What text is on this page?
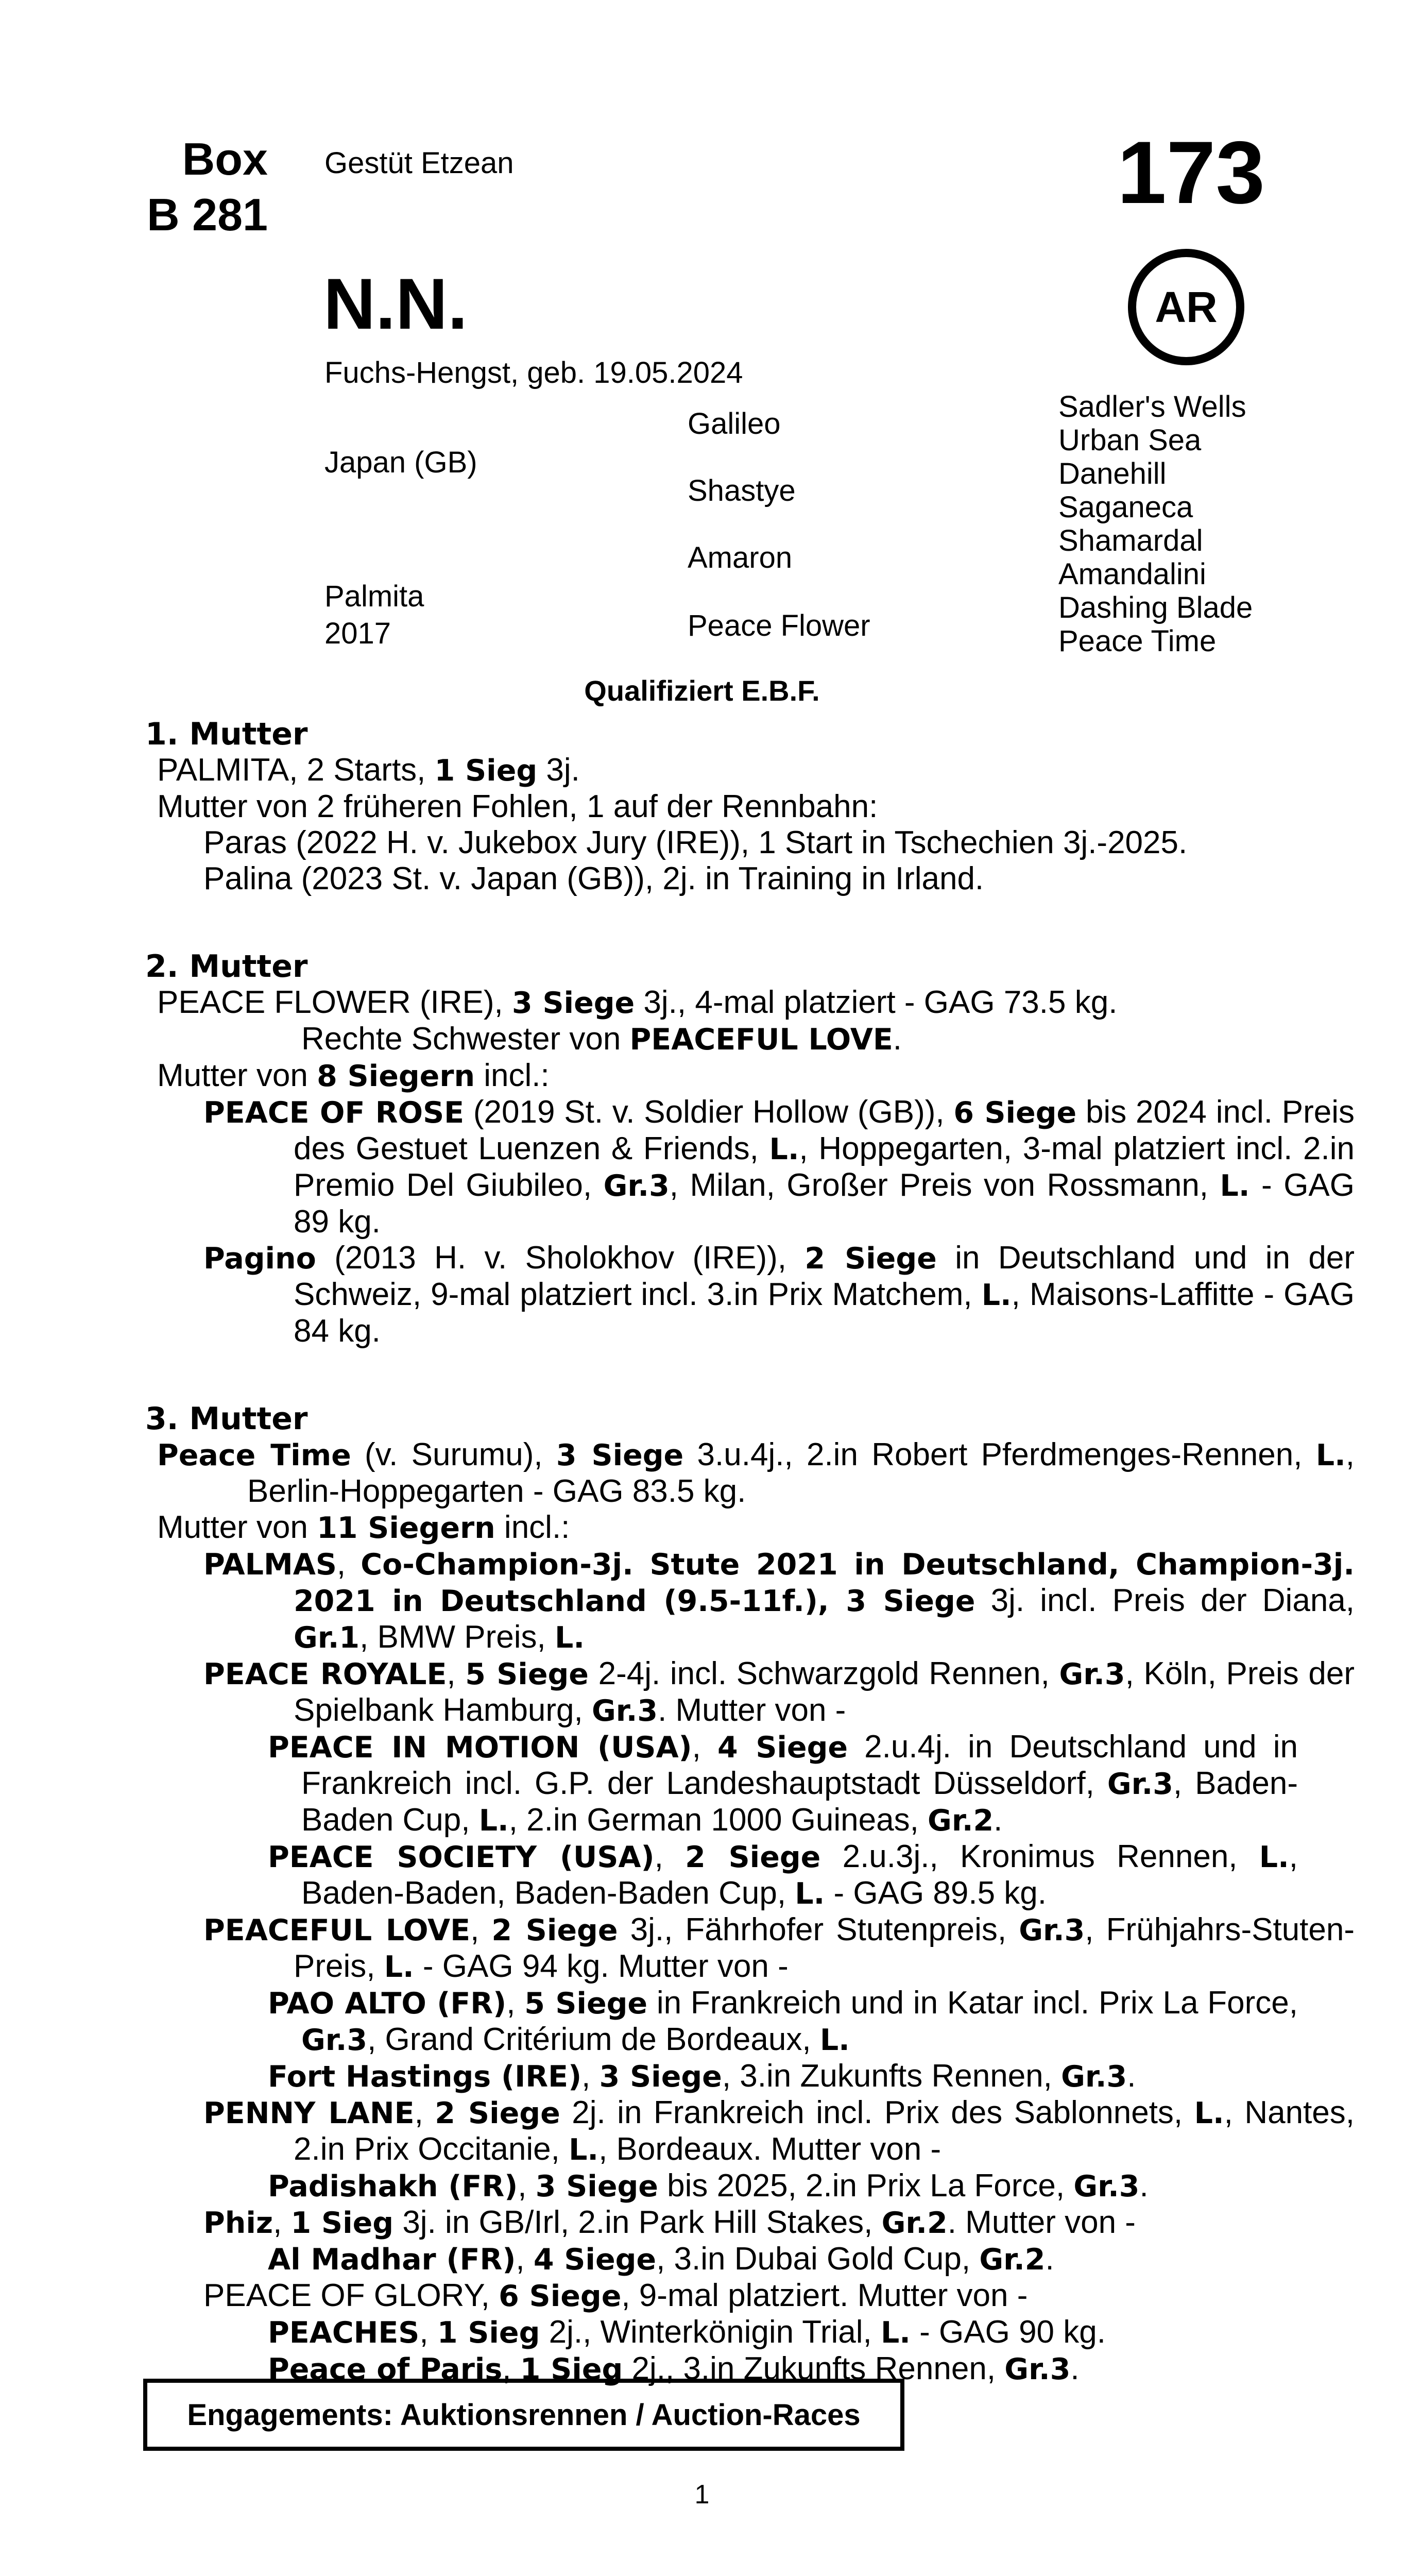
Box
B 281
Gestüt Etzean	173
AR
N.N.
Fuchs-Hengst, geb. 19.05.2024
Japan (GB)
Palmita
2017
Galileo
Shastye
Amaron
Peace Flower
Sadler's Wells
Urban Sea
Danehill
Saganeca
Shamardal
Amandalini
Dashing Blade
Peace Time
Qualifiziert E.B.F.
1. Mutter
PALMITA, 2 Starts, 1 Sieg 3j.
Mutter von 2 früheren Fohlen, 1 auf der Rennbahn:
Paras (2022 H. v. Jukebox Jury (IRE)), 1 Start in Tschechien 3j.-2025.
Palina (2023 St. v. Japan (GB)), 2j. in Training in Irland.
2. Mutter
PEACE FLOWER (IRE), 3 Siege 3j., 4-mal platziert - GAG 73.5 kg.
Rechte Schwester von PEACEFUL LOVE.
Mutter von 8 Siegern incl.:
PEACE OF ROSE (2019 St. v. Soldier Hollow (GB)), 6 Siege bis 2024 incl. Preis des Gestuet Luenzen & Friends, L., Hoppegarten, 3-mal platziert incl. 2.in Premio Del Giubileo, Gr.3, Milan, Großer Preis von Rossmann, L. - GAG 89 kg.
Pagino (2013 H. v. Sholokhov (IRE)), 2 Siege in Deutschland und in der Schweiz, 9-mal platziert incl. 3.in Prix Matchem, L., Maisons-Laffitte - GAG 84 kg.
3. Mutter
Peace Time (v. Surumu), 3 Siege 3.u.4j., 2.in Robert Pferdmenges-Rennen, L., Berlin-Hoppegarten - GAG 83.5 kg.
Mutter von 11 Siegern incl.:
PALMAS, Co-Champion-3j. Stute 2021 in Deutschland, Champion-3j. 2021 in Deutschland (9.5-11f.), 3 Siege 3j. incl. Preis der Diana, Gr.1, BMW Preis, L.
PEACE ROYALE, 5 Siege 2-4j. incl. Schwarzgold Rennen, Gr.3, Köln, Preis der Spielbank Hamburg, Gr.3. Mutter von -
PEACE IN MOTION (USA), 4 Siege 2.u.4j. in Deutschland und in Frankreich incl. G.P. der Landeshauptstadt Düsseldorf, Gr.3, Baden-Baden Cup, L., 2.in German 1000 Guineas, Gr.2.
PEACE SOCIETY (USA), 2 Siege 2.u.3j., Kronimus Rennen, L., Baden-Baden, Baden-Baden Cup, L. - GAG 89.5 kg.
PEACEFUL LOVE, 2 Siege 3j., Fährhofer Stutenpreis, Gr.3, Frühjahrs-Stuten-Preis, L. - GAG 94 kg. Mutter von -
PAO ALTO (FR), 5 Siege in Frankreich und in Katar incl. Prix La Force, Gr.3, Grand Critérium de Bordeaux, L.
Fort Hastings (IRE), 3 Siege, 3.in Zukunfts Rennen, Gr.3.
PENNY LANE, 2 Siege 2j. in Frankreich incl. Prix des Sablonnets, L., Nantes, 2.in Prix Occitanie, L., Bordeaux. Mutter von -
Padishakh (FR), 3 Siege bis 2025, 2.in Prix La Force, Gr.3.
Phiz, 1 Sieg 3j. in GB/Irl, 2.in Park Hill Stakes, Gr.2. Mutter von -
Al Madhar (FR), 4 Siege, 3.in Dubai Gold Cup, Gr.2.
PEACE OF GLORY, 6 Siege, 9-mal platziert. Mutter von -
PEACHES, 1 Sieg 2j., Winterkönigin Trial, L. - GAG 90 kg.
Peace of Paris, 1 Sieg 2j., 3.in Zukunfts Rennen, Gr.3.
Engagements: Auktionsrennen / Auction-Races
1
